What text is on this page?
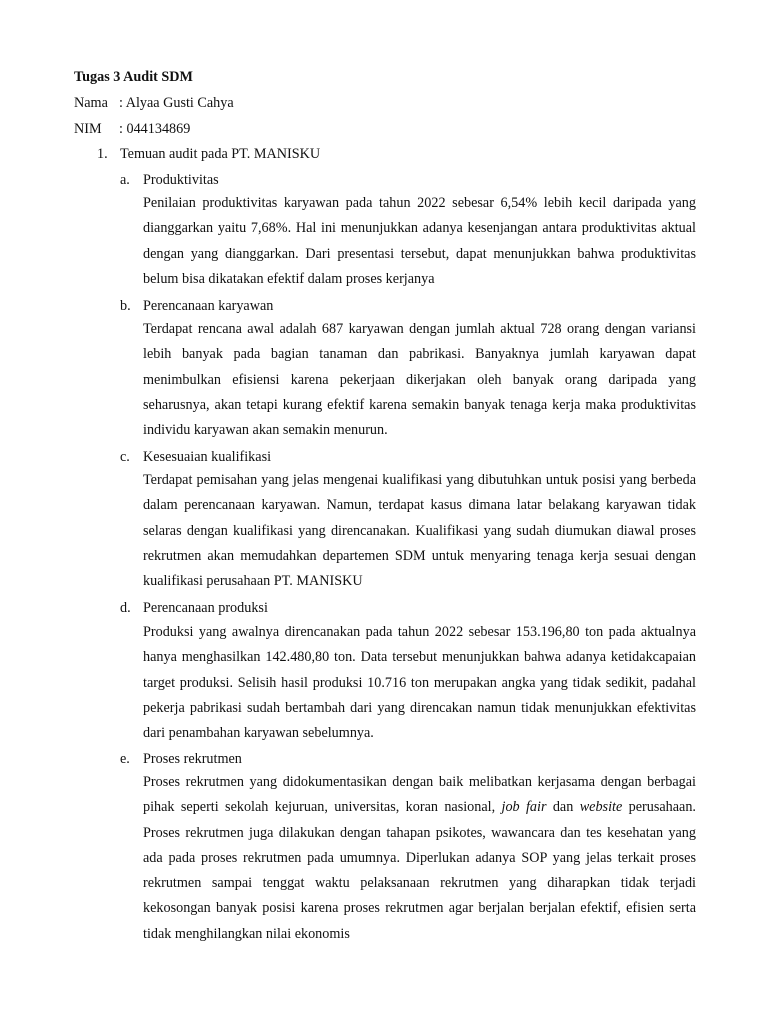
Tugas 3 Audit SDM
Nama : Alyaa Gusti Cahya
NIM : 044134869
1. Temuan audit pada PT. MANISKU
a. Produktivitas

Penilaian produktivitas karyawan pada tahun 2022 sebesar 6,54% lebih kecil daripada yang dianggarkan yaitu 7,68%. Hal ini menunjukkan adanya kesenjangan antara produktivitas aktual dengan yang dianggarkan. Dari presentasi tersebut, dapat menunjukkan bahwa produktivitas belum bisa dikatakan efektif dalam proses kerjanya

b. Perencanaan karyawan

Terdapat rencana awal adalah 687 karyawan dengan jumlah aktual 728 orang dengan variansi lebih banyak pada bagian tanaman dan pabrikasi. Banyaknya jumlah karyawan dapat menimbulkan efisiensi karena pekerjaan dikerjakan oleh banyak orang daripada yang seharusnya, akan tetapi kurang efektif karena semakin banyak tenaga kerja maka produktivitas individu karyawan akan semakin menurun.

c. Kesesuaian kualifikasi

Terdapat pemisahan yang jelas mengenai kualifikasi yang dibutuhkan untuk posisi yang berbeda dalam perencanaan karyawan. Namun, terdapat kasus dimana latar belakang karyawan tidak selaras dengan kualifikasi yang direncanakan. Kualifikasi yang sudah diumukan diawal proses rekrutmen akan memudahkan departemen SDM untuk menyaring tenaga kerja sesuai dengan kualifikasi perusahaan PT. MANISKU

d. Perencanaan produksi

Produksi yang awalnya direncanakan pada tahun 2022 sebesar 153.196,80 ton pada aktualnya hanya menghasilkan 142.480,80 ton. Data tersebut menunjukkan bahwa adanya ketidakcapaian target produksi. Selisih hasil produksi 10.716 ton merupakan angka yang tidak sedikit, padahal pekerja pabrikasi sudah bertambah dari yang direncakan namun tidak menunjukkan efektivitas dari penambahan karyawan sebelumnya.

e. Proses rekrutmen

Proses rekrutmen yang didokumentasikan dengan baik melibatkan kerjasama dengan berbagai pihak seperti sekolah kejuruan, universitas, koran nasional, job fair dan website perusahaan. Proses rekrutmen juga dilakukan dengan tahapan psikotes, wawancara dan tes kesehatan yang ada pada proses rekrutmen pada umumnya. Diperlukan adanya SOP yang jelas terkait proses rekrutmen sampai tenggat waktu pelaksanaan rekrutmen yang diharapkan tidak terjadi kekosongan banyak posisi karena proses rekrutmen agar berjalan berjalan efektif, efisien serta tidak menghilangkan nilai ekonomis
